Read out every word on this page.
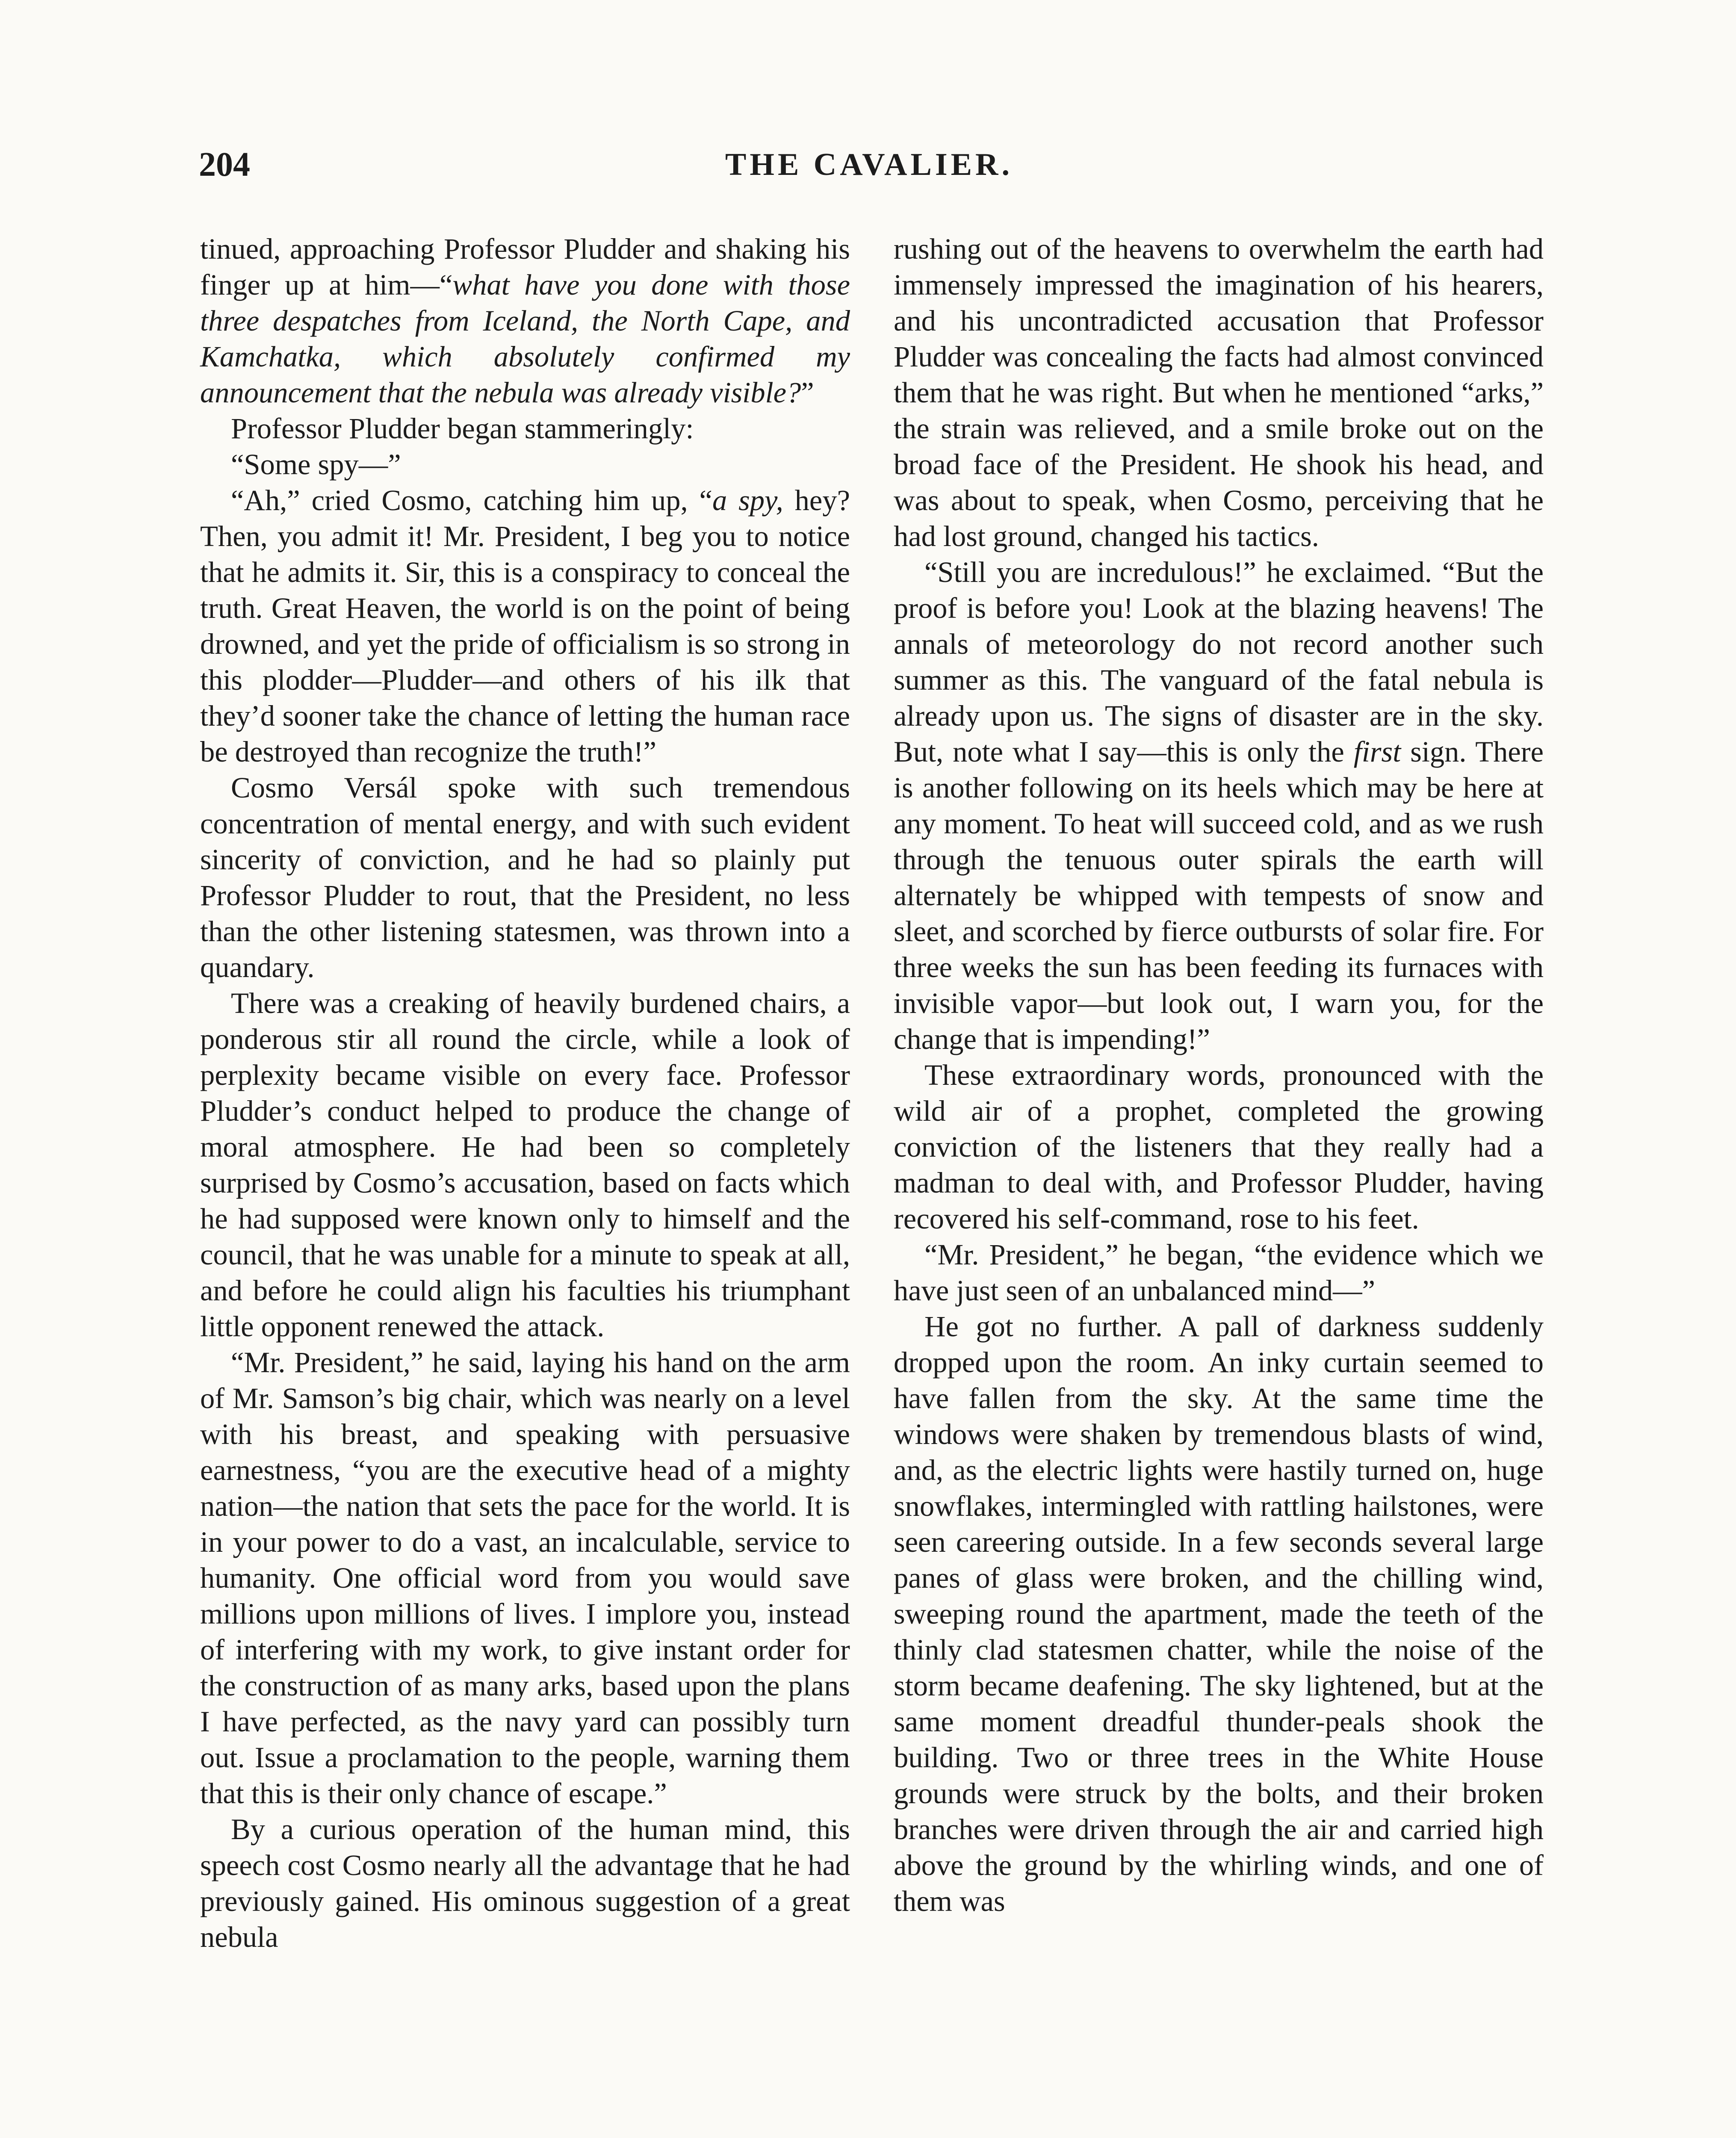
204	THE CAVALIER.

tinued, approaching Professor Pludder and shaking his finger up at him—“what have you done with those three despatches from Iceland, the North Cape, and Kamchatka, which absolutely confirmed my announcement that the nebula was already visible?”

Professor Pludder began stammeringly:

“Some spy—”

“Ah,” cried Cosmo, catching him up, “a spy, hey? Then, you admit it! Mr. President, I beg you to notice that he admits it. Sir, this is a conspiracy to conceal the truth. Great Heaven, the world is on the point of being drowned, and yet the pride of officialism is so strong in this plodder—Pludder—and others of his ilk that they’d sooner take the chance of letting the human race be destroyed than recognize the truth!”

Cosmo Versál spoke with such tremendous concentration of mental energy, and with such evident sincerity of conviction, and he had so plainly put Professor Pludder to rout, that the President, no less than the other listening statesmen, was thrown into a quandary.

There was a creaking of heavily burdened chairs, a ponderous stir all round the circle, while a look of perplexity became visible on every face. Professor Pludder’s conduct helped to produce the change of moral atmosphere. He had been so completely surprised by Cosmo’s accusation, based on facts which he had supposed were known only to himself and the council, that he was unable for a minute to speak at all, and before he could align his faculties his triumphant little opponent renewed the attack.

“Mr. President,” he said, laying his hand on the arm of Mr. Samson’s big chair, which was nearly on a level with his breast, and speaking with persuasive earnestness, “you are the executive head of a mighty nation—the nation that sets the pace for the world. It is in your power to do a vast, an incalculable, service to humanity. One official word from you would save millions upon millions of lives. I implore you, instead of interfering with my work, to give instant order for the construction of as many arks, based upon the plans I have perfected, as the navy yard can possibly turn out. Issue a proclamation to the people, warning them that this is their only chance of escape.”

By a curious operation of the human mind, this speech cost Cosmo nearly all the advantage that he had previously gained. His ominous suggestion of a great nebula

rushing out of the heavens to overwhelm the earth had immensely impressed the imagination of his hearers, and his uncontradicted accusation that Professor Pludder was concealing the facts had almost convinced them that he was right. But when he mentioned “arks,” the strain was relieved, and a smile broke out on the broad face of the President. He shook his head, and was about to speak, when Cosmo, perceiving that he had lost ground, changed his tactics.

“Still you are incredulous!” he exclaimed. “But the proof is before you! Look at the blazing heavens! The annals of meteorology do not record another such summer as this. The vanguard of the fatal nebula is already upon us. The signs of disaster are in the sky. But, note what I say—this is only the first sign. There is another following on its heels which may be here at any moment. To heat will succeed cold, and as we rush through the tenuous outer spirals the earth will alternately be whipped with tempests of snow and sleet, and scorched by fierce outbursts of solar fire. For three weeks the sun has been feeding its furnaces with invisible vapor—but look out, I warn you, for the change that is impending!”

These extraordinary words, pronounced with the wild air of a prophet, completed the growing conviction of the listeners that they really had a madman to deal with, and Professor Pludder, having recovered his self-command, rose to his feet.

“Mr. President,” he began, “the evidence which we have just seen of an unbalanced mind—”

He got no further. A pall of darkness suddenly dropped upon the room. An inky curtain seemed to have fallen from the sky. At the same time the windows were shaken by tremendous blasts of wind, and, as the electric lights were hastily turned on, huge snowflakes, intermingled with rattling hailstones, were seen careering outside. In a few seconds several large panes of glass were broken, and the chilling wind, sweeping round the apartment, made the teeth of the thinly clad statesmen chatter, while the noise of the storm became deafening. The sky lightened, but at the same moment dreadful thunder-peals shook the building. Two or three trees in the White House grounds were struck by the bolts, and their broken branches were driven through the air and carried high above the ground by the whirling winds, and one of them was
